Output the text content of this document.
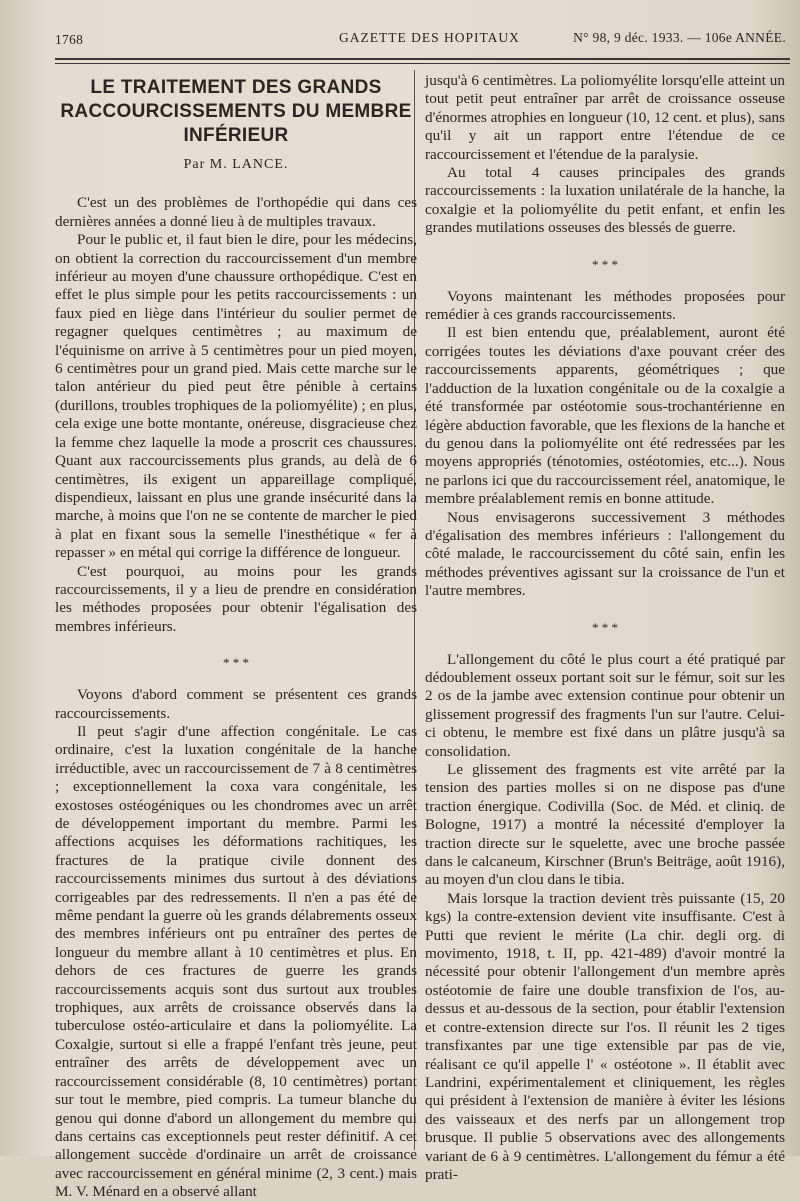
1768	GAZETTE DES HOPITAUX	N° 98, 9 déc. 1933. — 106e ANNÉE.
LE TRAITEMENT DES GRANDS RACCOURCISSEMENTS DU MEMBRE INFÉRIEUR
Par M. LANCE.

C'est un des problèmes de l'orthopédie qui dans ces dernières années a donné lieu à de multiples travaux.

Pour le public et, il faut bien le dire, pour les médecins, on obtient la correction du raccourcissement d'un membre inférieur au moyen d'une chaussure orthopédique. C'est en effet le plus simple pour les petits raccourcissements : un faux pied en liège dans l'intérieur du soulier permet de regagner quelques centimètres ; au maximum de l'équinisme on arrive à 5 centimètres pour un pied moyen, 6 centimètres pour un grand pied. Mais cette marche sur le talon antérieur du pied peut être pénible à certains (durillons, troubles trophiques de la poliomyélite) ; en plus, cela exige une botte montante, onéreuse, disgracieuse chez la femme chez laquelle la mode a proscrit ces chaussures. Quant aux raccourcissements plus grands, au delà de 6 centimètres, ils exigent un appareillage compliqué, dispendieux, laissant en plus une grande insécurité dans la marche, à moins que l'on ne se contente de marcher le pied à plat en fixant sous la semelle l'inesthétique « fer à repasser » en métal qui corrige la différence de longueur.

C'est pourquoi, au moins pour les grands raccourcissements, il y a lieu de prendre en considération les méthodes proposées pour obtenir l'égalisation des membres inférieurs.

* * *

Voyons d'abord comment se présentent ces grands raccourcissements.

Il peut s'agir d'une affection congénitale. Le cas ordinaire, c'est la luxation congénitale de la hanche irréductible, avec un raccourcissement de 7 à 8 centimètres ; exceptionnellement la coxa vara congénitale, les exostoses ostéogéniques ou les chondromes avec un arrêt de développement important du membre. Parmi les affections acquises les déformations rachitiques, les fractures de la pratique civile donnent des raccourcissements minimes dus surtout à des déviations corrigeables par des redressements. Il n'en a pas été de même pendant la guerre où les grands délabrements osseux des membres inférieurs ont pu entraîner des pertes de longueur du membre allant à 10 centimètres et plus. En dehors de ces fractures de guerre les grands raccourcissements acquis sont dus surtout aux troubles trophiques, aux arrêts de croissance observés dans la tuberculose ostéo-articulaire et dans la poliomyélite. La Coxalgie, surtout si elle a frappé l'enfant très jeune, peut entraîner des arrêts de développement avec un raccourcissement considérable (8, 10 centimètres) portant sur tout le membre, pied compris. La tumeur blanche du genou qui donne d'abord un allongement du membre qui dans certains cas exceptionnels peut rester définitif. A cet allongement succède d'ordinaire un arrêt de croissance avec raccourcissement en général minime (2, 3 cent.) mais M. V. Ménard en a observé allant

jusqu'à 6 centimètres. La poliomyélite lorsqu'elle atteint un tout petit peut entraîner par arrêt de croissance osseuse d'énormes atrophies en longueur (10, 12 cent. et plus), sans qu'il y ait un rapport entre l'étendue de ce raccourcissement et l'étendue de la paralysie.

Au total 4 causes principales des grands raccourcissements : la luxation unilatérale de la hanche, la coxalgie et la poliomyélite du petit enfant, et enfin les grandes mutilations osseuses des blessés de guerre.

* * *

Voyons maintenant les méthodes proposées pour remédier à ces grands raccourcissements.

Il est bien entendu que, préalablement, auront été corrigées toutes les déviations d'axe pouvant créer des raccourcissements apparents, géométriques ; que l'adduction de la luxation congénitale ou de la coxalgie a été transformée par ostéotomie sous-trochantérienne en légère abduction favorable, que les flexions de la hanche et du genou dans la poliomyélite ont été redressées par les moyens appropriés (ténotomies, ostéotomies, etc...). Nous ne parlons ici que du raccourcissement réel, anatomique, le membre préalablement remis en bonne attitude.

Nous envisagerons successivement 3 méthodes d'égalisation des membres inférieurs : l'allongement du côté malade, le raccourcissement du côté sain, enfin les méthodes préventives agissant sur la croissance de l'un et l'autre membres.

* * *

L'allongement du côté le plus court a été pratiqué par dédoublement osseux portant soit sur le fémur, soit sur les 2 os de la jambe avec extension continue pour obtenir un glissement progressif des fragments l'un sur l'autre. Celui-ci obtenu, le membre est fixé dans un plâtre jusqu'à sa consolidation.

Le glissement des fragments est vite arrêté par la tension des parties molles si on ne dispose pas d'une traction énergique. Codivilla (Soc. de Méd. et cliniq. de Bologne, 1917) a montré la nécessité d'employer la traction directe sur le squelette, avec une broche passée dans le calcaneum, Kirschner (Brun's Beiträge, août 1916), au moyen d'un clou dans le tibia.

Mais lorsque la traction devient très puissante (15, 20 kgs) la contre-extension devient vite insuffisante. C'est à Putti que revient le mérite (La chir. degli org. di movimento, 1918, t. II, pp. 421-489) d'avoir montré la nécessité pour obtenir l'allongement d'un membre après ostéotomie de faire une double transfixion de l'os, au-dessus et au-dessous de la section, pour établir l'extension et contre-extension directe sur l'os. Il réunit les 2 tiges transfixantes par une tige extensible par pas de vie, réalisant ce qu'il appelle l' « ostéotone ». Il établit avec Landrini, expérimentalement et cliniquement, les règles qui président à l'extension de manière à éviter les lésions des vaisseaux et des nerfs par un allongement trop brusque. Il publie 5 observations avec des allongements variant de 6 à 9 centimètres. L'allongement du fémur a été prati-
